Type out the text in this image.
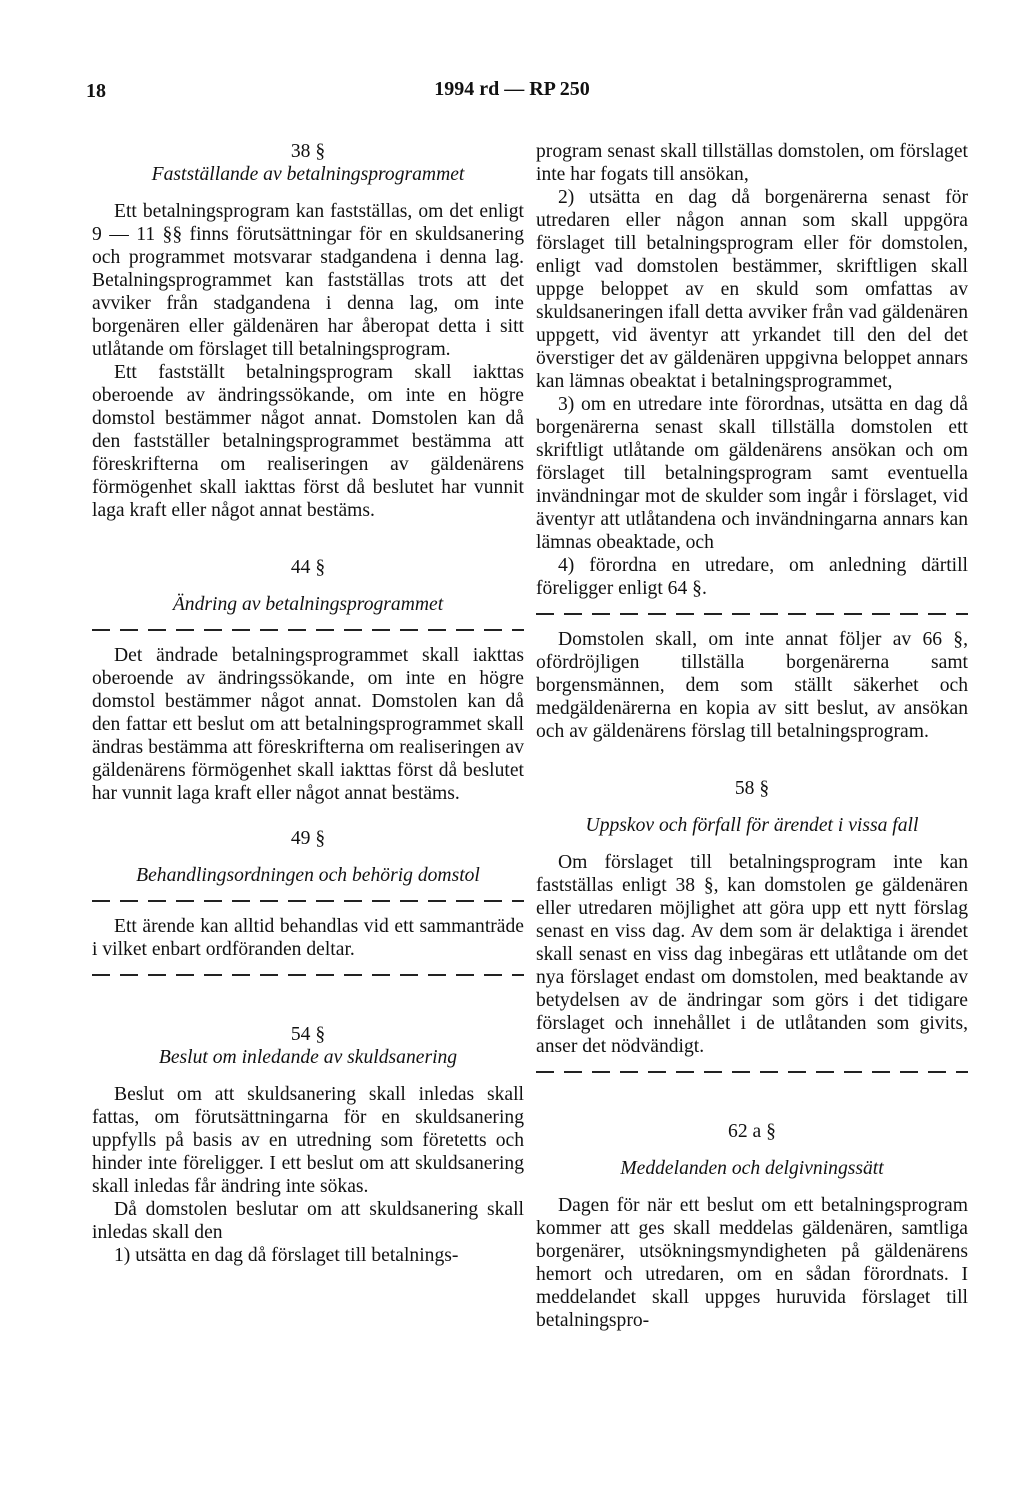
18	1994 rd — RP 250

38 §

Fastställande av betalningsprogrammet

Ett betalningsprogram kan fastställas, om det enligt 9 — 11 §§ finns förutsättningar för en skuldsanering och programmet motsvarar stadgandena i denna lag. Betalningsprogrammet kan fastställas trots att det avviker från stadgandena i denna lag, om inte borgenären eller gäldenären har åberopat detta i sitt utlåtande om förslaget till betalningsprogram.

Ett fastställt betalningsprogram skall iakttas oberoende av ändringssökande, om inte en högre domstol bestämmer något annat. Domstolen kan då den fastställer betalningsprogrammet bestämma att föreskrifterna om realiseringen av gäldenärens förmögenhet skall iakttas först då beslutet har vunnit laga kraft eller något annat bestäms.

44 §

Ändring av betalningsprogrammet

Det ändrade betalningsprogrammet skall iakttas oberoende av ändringssökande, om inte en högre domstol bestämmer något annat. Domstolen kan då den fattar ett beslut om att betalningsprogrammet skall ändras bestämma att föreskrifterna om realiseringen av gäldenärens förmögenhet skall iakttas först då beslutet har vunnit laga kraft eller något annat bestäms.

49 §

Behandlingsordningen och behörig domstol

Ett ärende kan alltid behandlas vid ett sammanträde i vilket enbart ordföranden deltar.

54 §

Beslut om inledande av skuldsanering

Beslut om att skuldsanering skall inledas skall fattas, om förutsättningarna för en skuldsanering uppfylls på basis av en utredning som företetts och hinder inte föreligger. I ett beslut om att skuldsanering skall inledas får ändring inte sökas.

Då domstolen beslutar om att skuldsanering skall inledas skall den

1) utsätta en dag då förslaget till betalnings-

program senast skall tillställas domstolen, om förslaget inte har fogats till ansökan,

2) utsätta en dag då borgenärerna senast för utredaren eller någon annan som skall uppgöra förslaget till betalningsprogram eller för domstolen, enligt vad domstolen bestämmer, skriftligen skall uppge beloppet av en skuld som omfattas av skuldsaneringen ifall detta avviker från vad gäldenären uppgett, vid äventyr att yrkandet till den del det överstiger det av gäldenären uppgivna beloppet annars kan lämnas obeaktat i betalningsprogrammet,

3) om en utredare inte förordnas, utsätta en dag då borgenärerna senast skall tillställa domstolen ett skriftligt utlåtande om gäldenärens ansökan och om förslaget till betalningsprogram samt eventuella invändningar mot de skulder som ingår i förslaget, vid äventyr att utlåtandena och invändningarna annars kan lämnas obeaktade, och

4) förordna en utredare, om anledning därtill föreligger enligt 64 §.

Domstolen skall, om inte annat följer av 66 §, ofördröjligen tillställa borgenärerna samt borgensmännen, dem som ställt säkerhet och medgäldenärerna en kopia av sitt beslut, av ansökan och av gäldenärens förslag till betalningsprogram.

58 §

Uppskov och förfall för ärendet i vissa fall

Om förslaget till betalningsprogram inte kan fastställas enligt 38 §, kan domstolen ge gäldenären eller utredaren möjlighet att göra upp ett nytt förslag senast en viss dag. Av dem som är delaktiga i ärendet skall senast en viss dag inbegäras ett utlåtande om det nya förslaget endast om domstolen, med beaktande av betydelsen av de ändringar som görs i det tidigare förslaget och innehållet i de utlåtanden som givits, anser det nödvändigt.

62 a §

Meddelanden och delgivningssätt

Dagen för när ett beslut om ett betalningsprogram kommer att ges skall meddelas gäldenären, samtliga borgenärer, utsökningsmyndigheten på gäldenärens hemort och utredaren, om en sådan förordnats. I meddelandet skall uppges huruvida förslaget till betalningspro-
